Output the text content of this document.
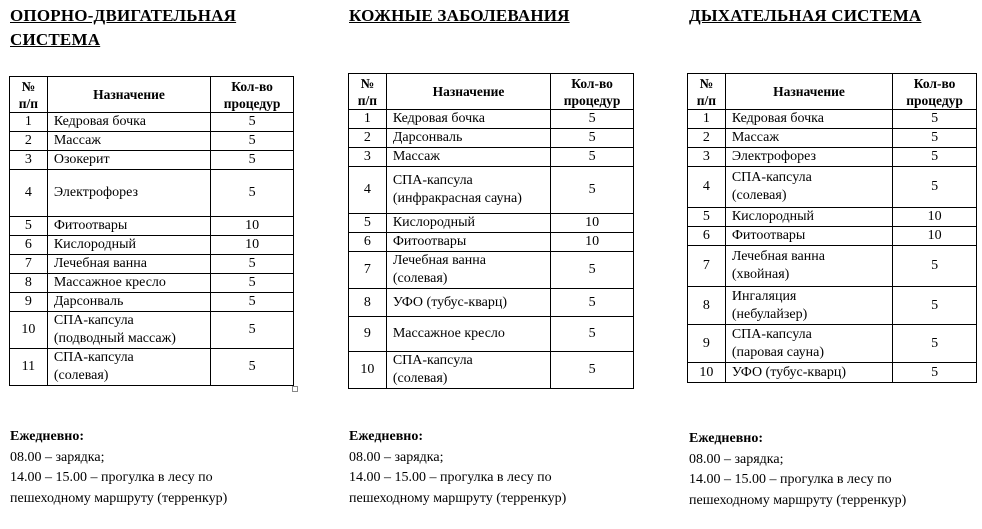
ОПОРНО-ДВИГАТЕЛЬНАЯ
СИСТЕМА
№
п/п	Назначение	Кол-во
процедур
1	Кедровая бочка	5
2	Массаж	5
3	Озокерит	5
4	Электрофорез	5
5	Фитоотвары	10
6	Кислородный	10
7	Лечебная ванна	5
8	Массажное кресло	5
9	Дарсонваль	5
10	СПА-капсула
(подводный массаж)	5
11	СПА-капсула
(солевая)	5
Ежедневно:
08.00 – зарядка;
14.00 – 15.00 – прогулка в лесу по
пешеходному маршруту (терренкур)
КОЖНЫЕ ЗАБОЛЕВАНИЯ
№
п/п	Назначение	Кол-во
процедур
1	Кедровая бочка	5
2	Дарсонваль	5
3	Массаж	5
4	СПА-капсула
(инфракрасная сауна)	5
5	Кислородный	10
6	Фитоотвары	10
7	Лечебная ванна
(солевая)	5
8	УФО (тубус-кварц)	5
9	Массажное кресло	5
10	СПА-капсула
(солевая)	5
Ежедневно:
08.00 – зарядка;
14.00 – 15.00 – прогулка в лесу по
пешеходному маршруту (терренкур)
ДЫХАТЕЛЬНАЯ СИСТЕМА
№
п/п	Назначение	Кол-во
процедур
1	Кедровая бочка	5
2	Массаж	5
3	Электрофорез	5
4	СПА-капсула
(солевая)	5
5	Кислородный	10
6	Фитоотвары	10
7	Лечебная ванна
(хвойная)	5
8	Ингаляция
(небулайзер)	5
9	СПА-капсула
(паровая сауна)	5
10	УФО (тубус-кварц)	5
Ежедневно:
08.00 – зарядка;
14.00 – 15.00 – прогулка в лесу по
пешеходному маршруту (терренкур)
